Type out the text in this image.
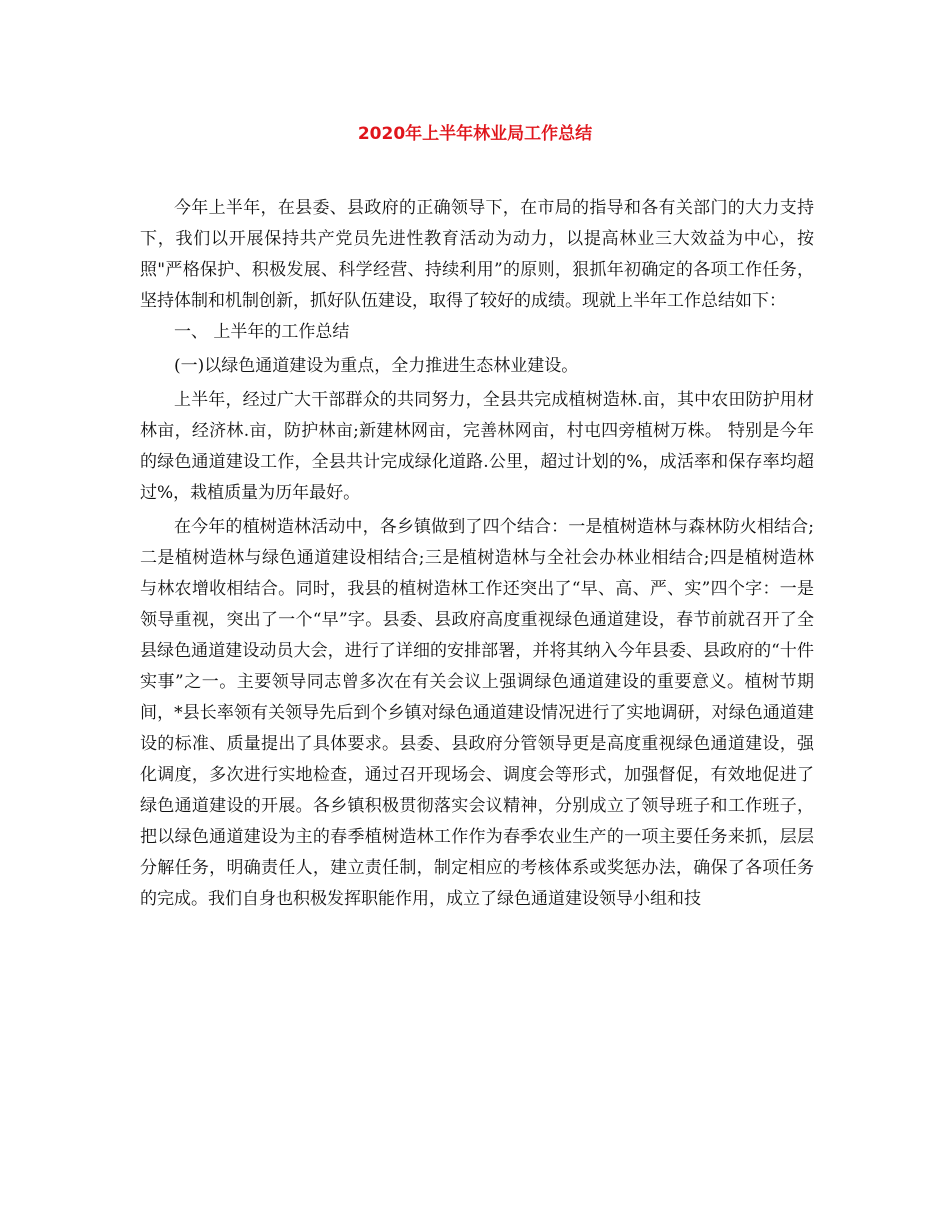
2020年上半年林业局工作总结

今年上半年，在县委、县政府的正确领导下，在市局的指导和各有关部门的大力支持下，我们以开展保持共产党员先进性教育活动为动力，以提高林业三大效益为中心，按照"严格保护、积极发展、科学经营、持续利用”的原则，狠抓年初确定的各项工作任务，坚持体制和机制创新，抓好队伍建设，取得了较好的成绩。现就上半年工作总结如下：

一、 上半年的工作总结

(一)以绿色通道建设为重点，全力推进生态林业建设。

上半年，经过广大干部群众的共同努力，全县共完成植树造林.亩，其中农田防护用材林亩，经济林.亩，防护林亩;新建林网亩，完善林网亩，村屯四旁植树万株。 特别是今年的绿色通道建设工作，全县共计完成绿化道路.公里，超过计划的%，成活率和保存率均超过%，栽植质量为历年最好。

在今年的植树造林活动中，各乡镇做到了四个结合：一是植树造林与森林防火相结合;二是植树造林与绿色通道建设相结合;三是植树造林与全社会办林业相结合;四是植树造林与林农增收相结合。同时，我县的植树造林工作还突出了“早、高、严、实”四个字：一是领导重视，突出了一个“早”字。县委、县政府高度重视绿色通道建设，春节前就召开了全县绿色通道建设动员大会，进行了详细的安排部署，并将其纳入今年县委、县政府的“十件实事”之一。主要领导同志曾多次在有关会议上强调绿色通道建设的重要意义。植树节期间，*县长率领有关领导先后到个乡镇对绿色通道建设情况进行了实地调研，对绿色通道建设的标准、质量提出了具体要求。县委、县政府分管领导更是高度重视绿色通道建设，强化调度，多次进行实地检查，通过召开现场会、调度会等形式，加强督促，有效地促进了绿色通道建设的开展。各乡镇积极贯彻落实会议精神，分别成立了领导班子和工作班子，把以绿色通道建设为主的春季植树造林工作作为春季农业生产的一项主要任务来抓，层层分解任务，明确责任人，建立责任制，制定相应的考核体系或奖惩办法，确保了各项任务的完成。我们自身也积极发挥职能作用，成立了绿色通道建设领导小组和技
